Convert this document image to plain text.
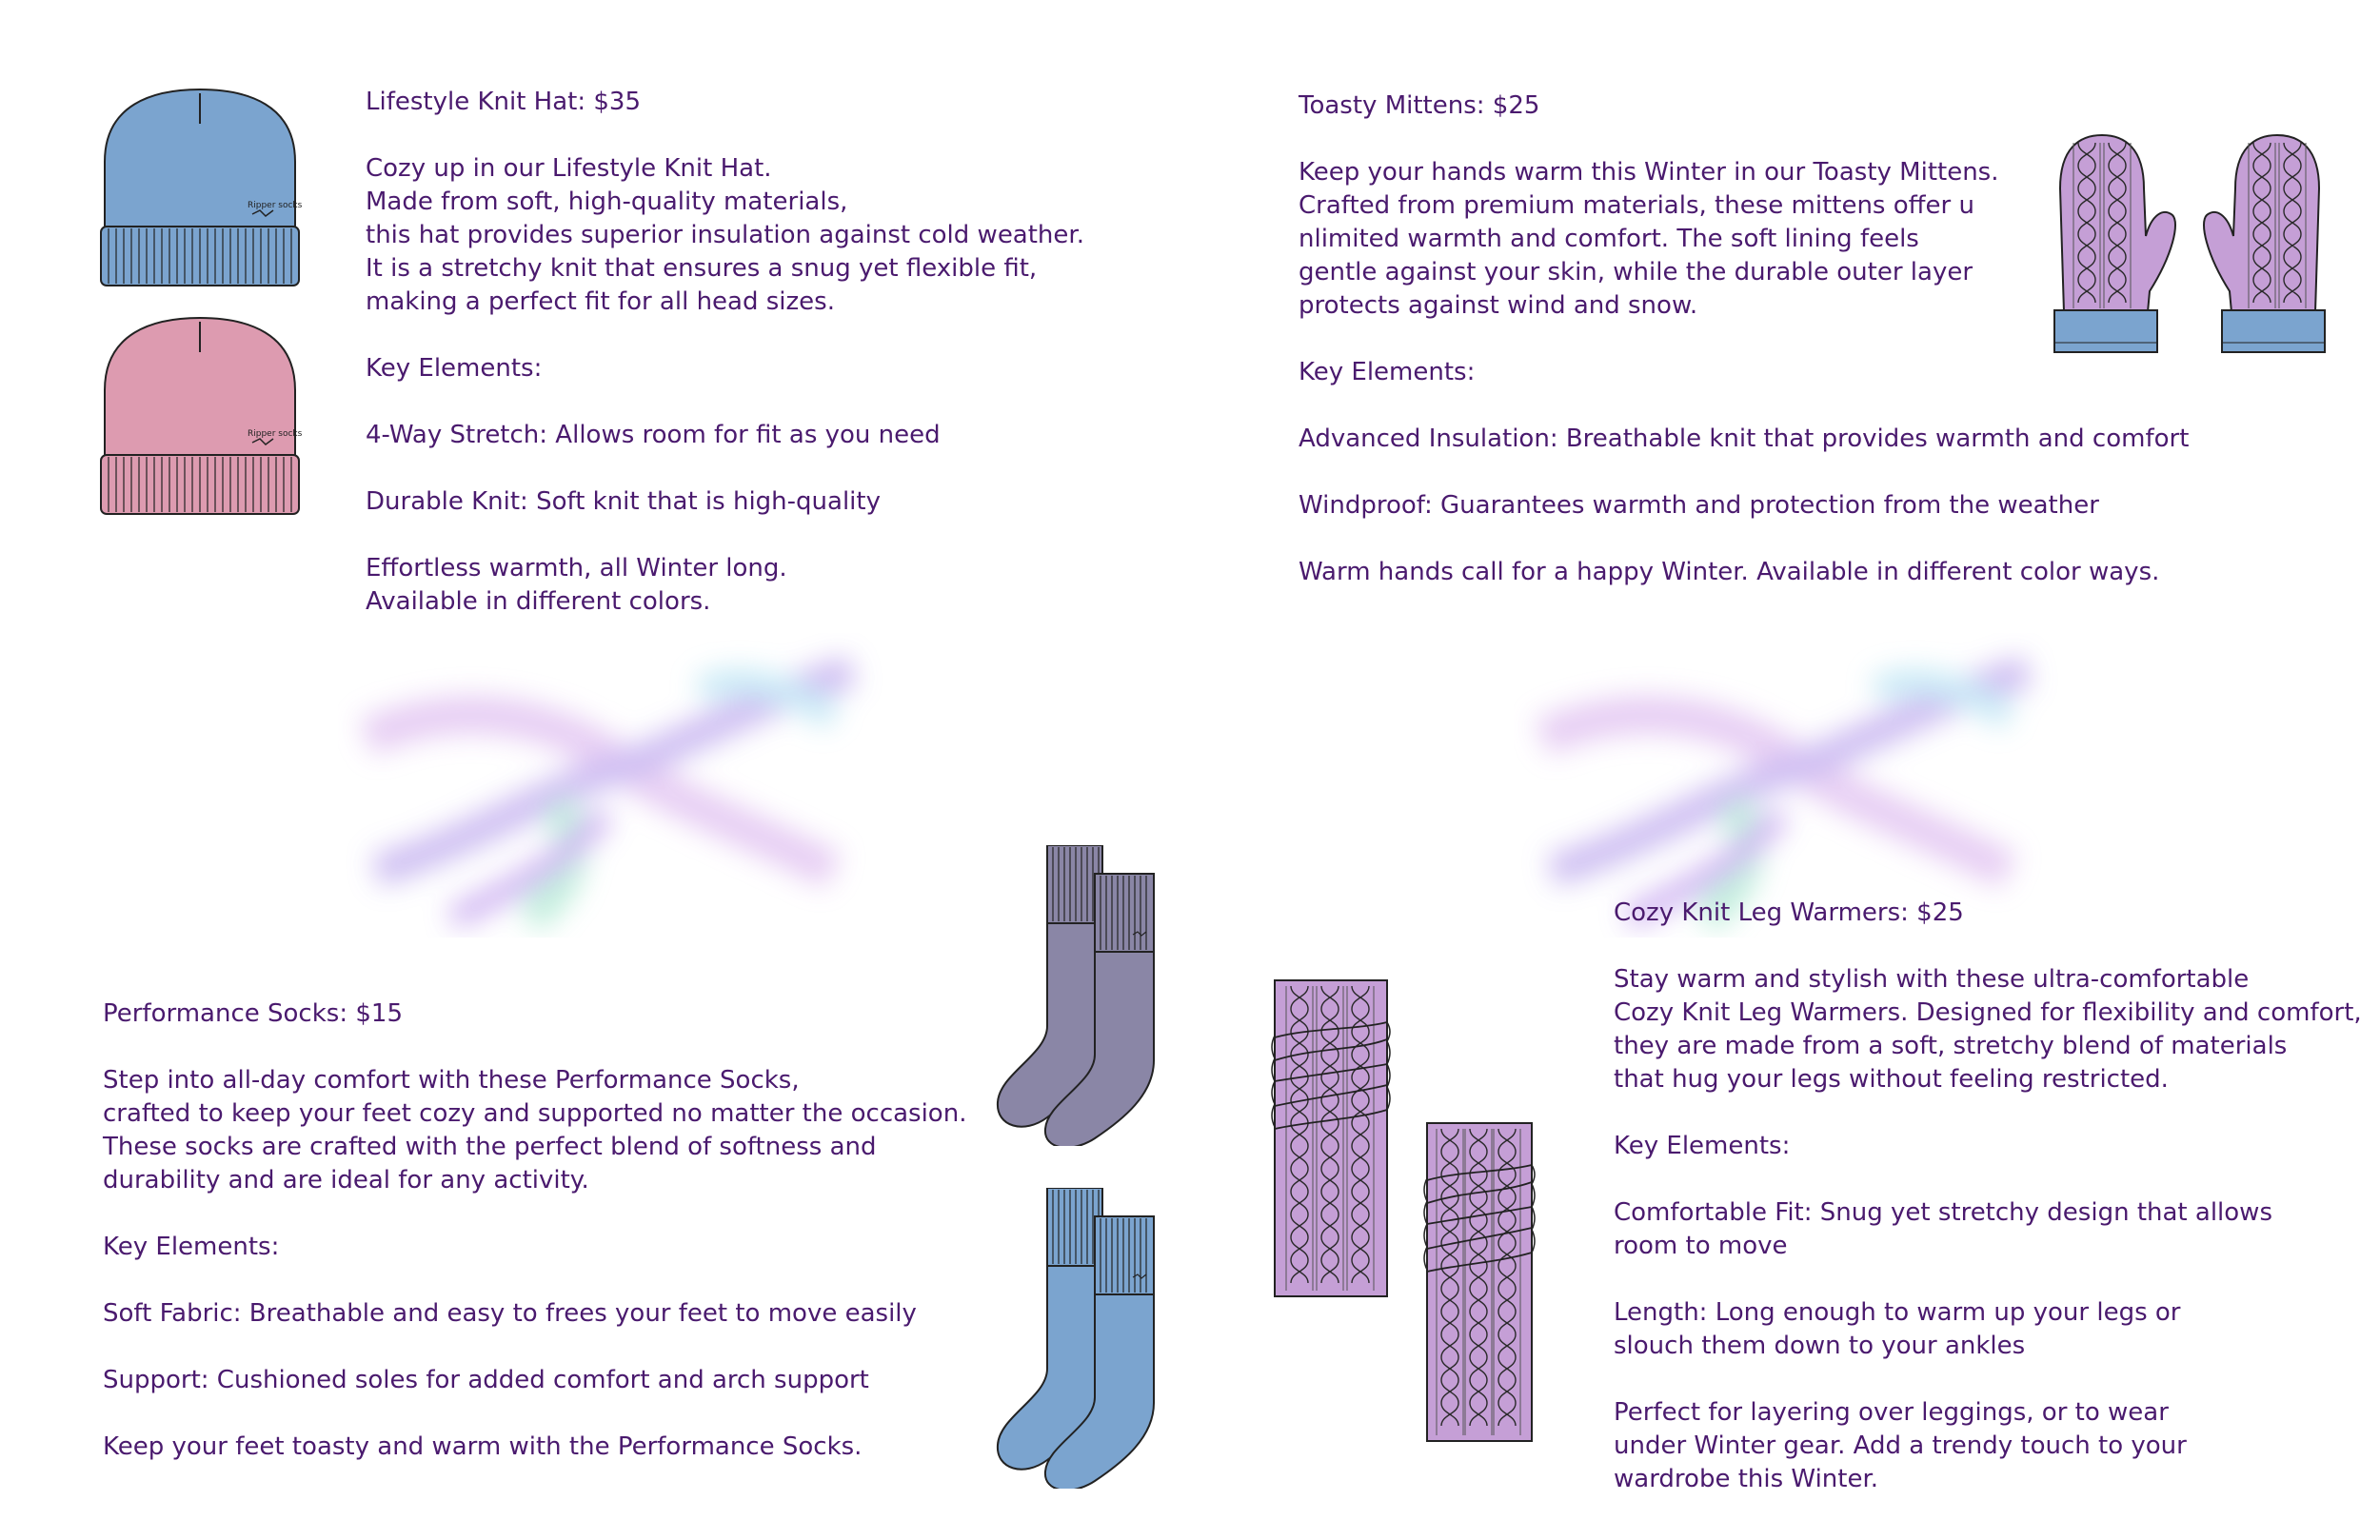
Ripper socks
Ripper socks

Lifestyle Knit Hat: $35

Cozy up in our Lifestyle Knit Hat.

Made from soft, high-quality materials,

this hat provides superior insulation against cold weather.

It is a stretchy knit that ensures a snug yet flexible fit,

making a perfect fit for all head sizes.

Key Elements:

4-Way Stretch: Allows room for fit as you need

Durable Knit: Soft knit that is high-quality

Effortless warmth, all Winter long.

Available in different colors.

Toasty Mittens: $25

Keep your hands warm this Winter in our Toasty Mittens.

Crafted from premium materials, these mittens offer u

nlimited warmth and comfort. The soft lining feels

gentle against your skin, while the durable outer layer

protects against wind and snow.

Key Elements:

Advanced Insulation: Breathable knit that provides warmth and comfort

Windproof: Guarantees warmth and protection from the weather

Warm hands call for a happy Winter. Available in different color ways.

Performance Socks: $15

Step into all-day comfort with these Performance Socks,

crafted to keep your feet cozy and supported no matter the occasion.

These socks are crafted with the perfect blend of softness and

durability and are ideal for any activity.

Key Elements:

Soft Fabric: Breathable and easy to frees your feet to move easily

Support: Cushioned soles for added comfort and arch support

Keep your feet toasty and warm with the Performance Socks.

Cozy Knit Leg Warmers: $25

Stay warm and stylish with these ultra-comfortable

Cozy Knit Leg Warmers. Designed for flexibility and comfort,

they are made from a soft, stretchy blend of materials

that hug your legs without feeling restricted.

Key Elements:

Comfortable Fit: Snug yet stretchy design that allows

room to move

Length: Long enough to warm up your legs or

slouch them down to your ankles

Perfect for layering over leggings, or to wear

under Winter gear. Add a trendy touch to your

wardrobe this Winter.
